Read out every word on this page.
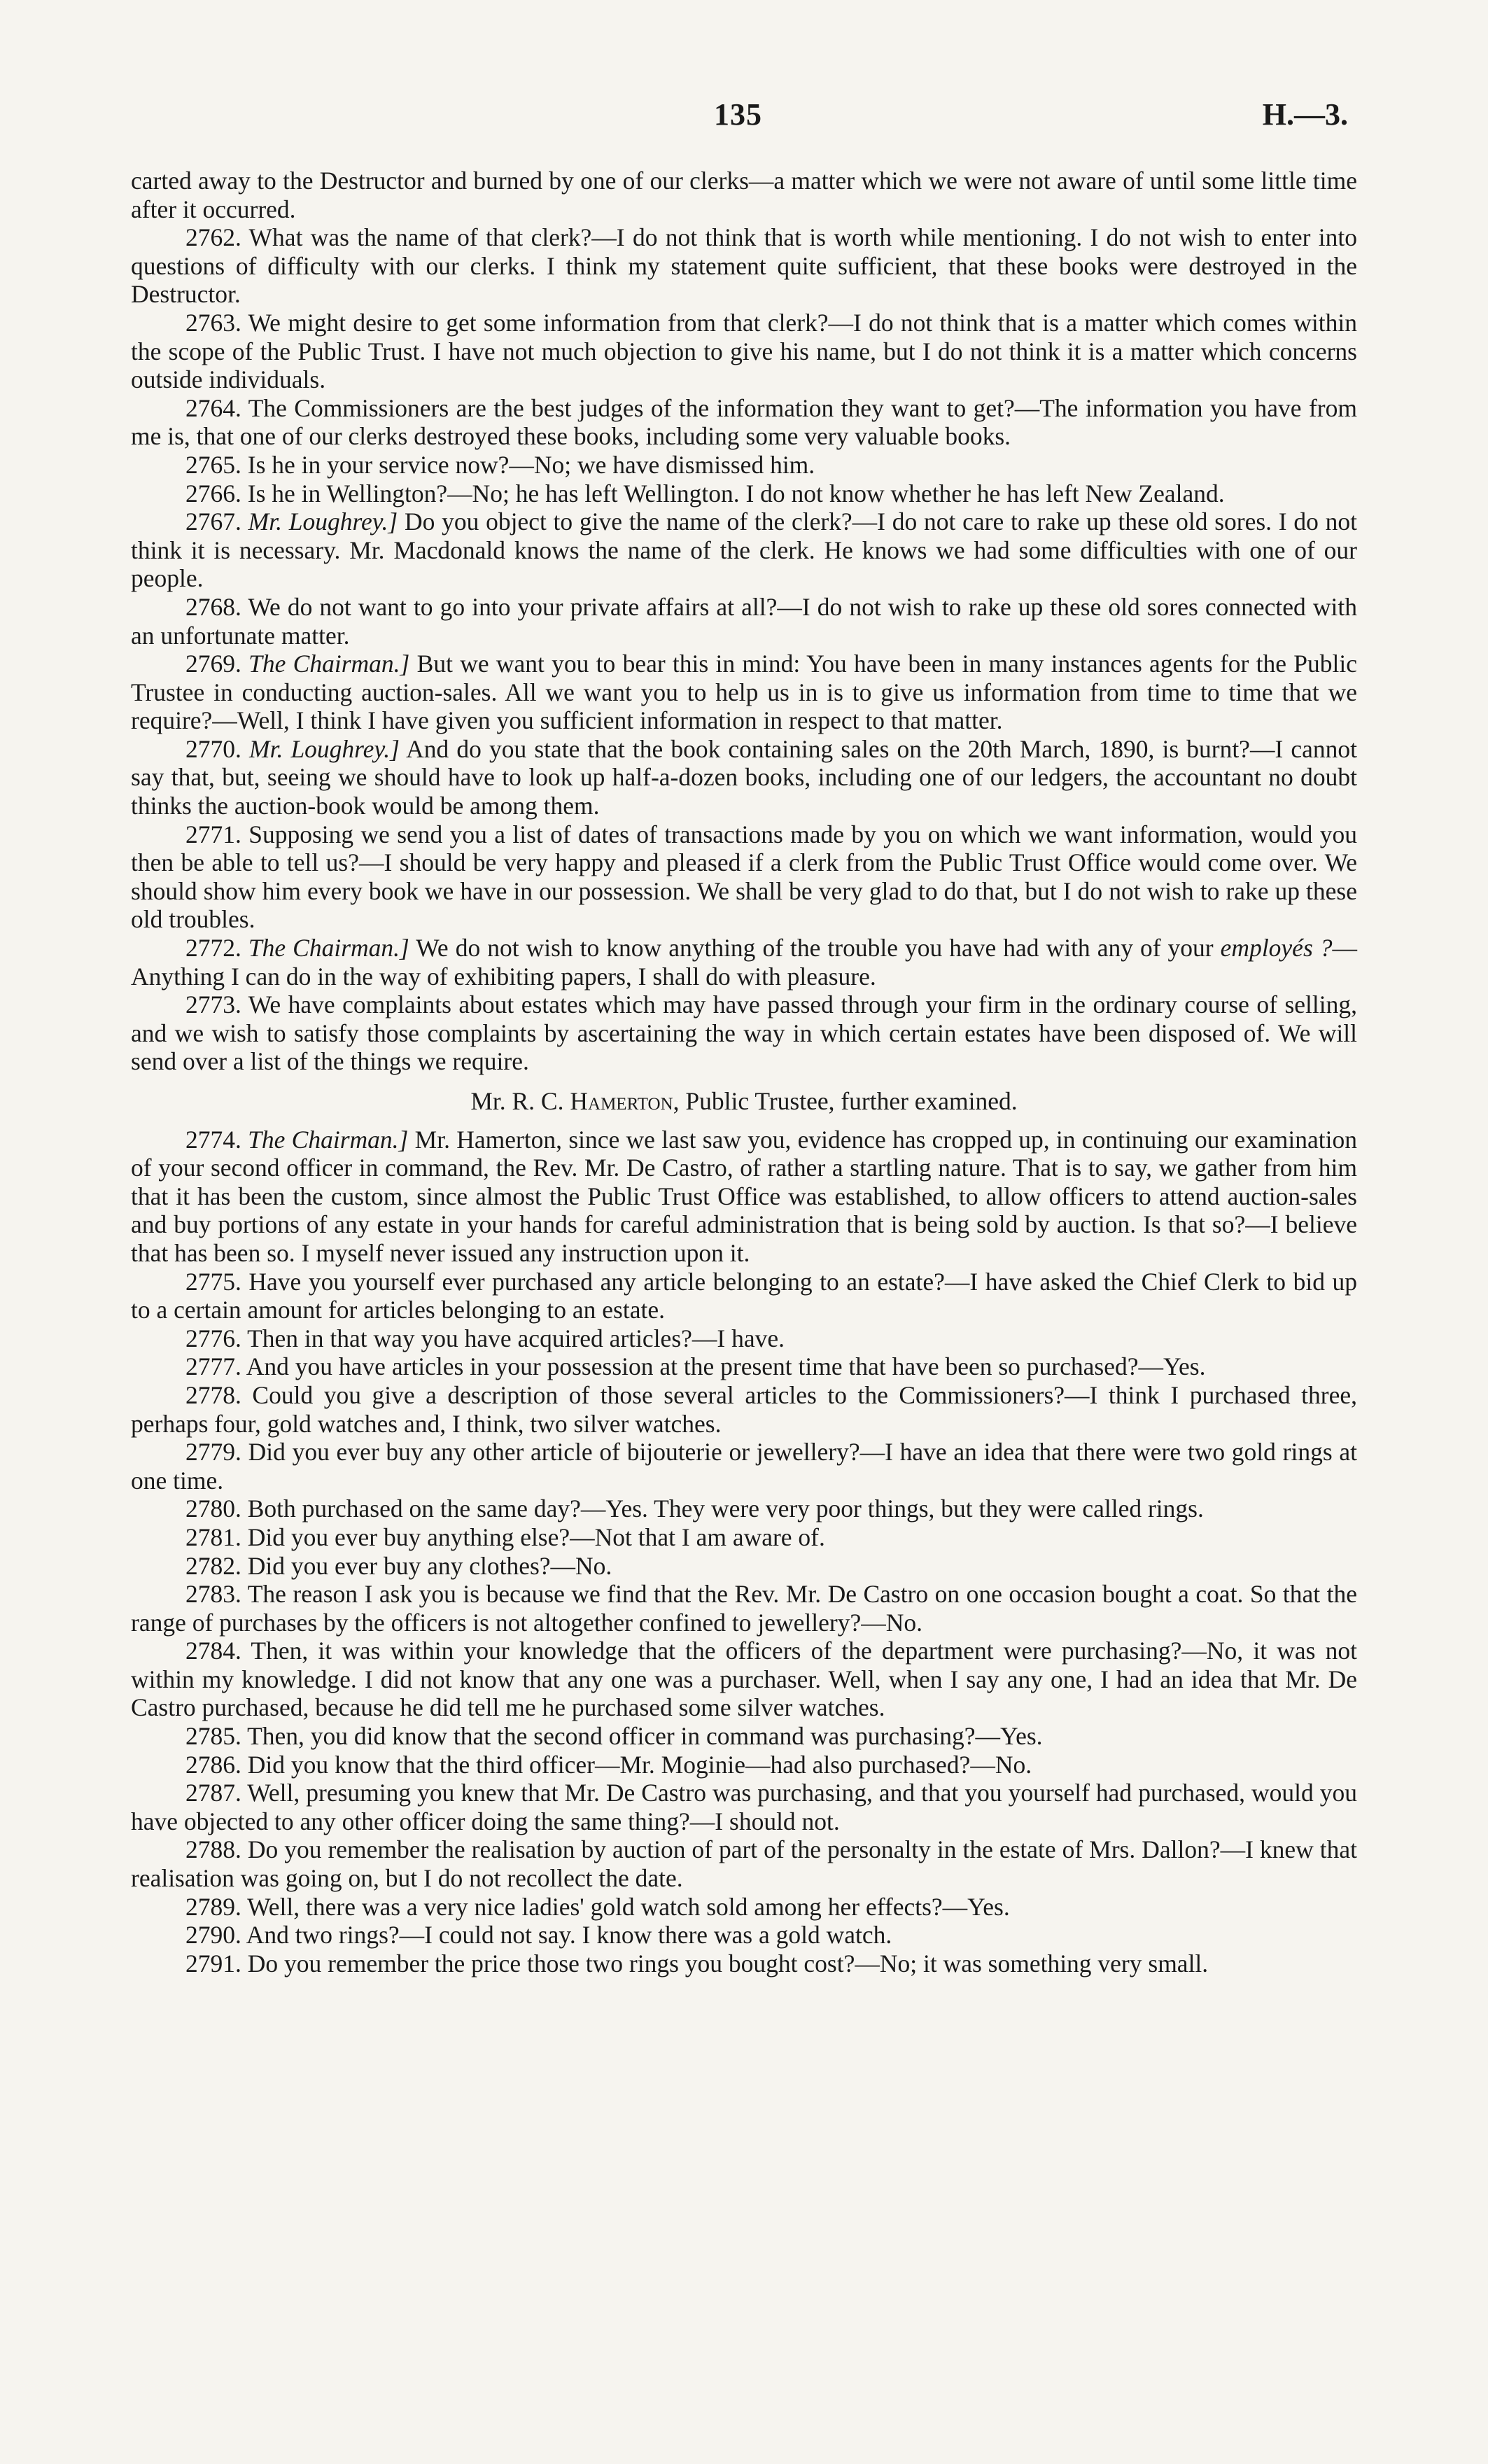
135	H.—3.

carted away to the Destructor and burned by one of our clerks—a matter which we were not aware of until some little time after it occurred.

2762. What was the name of that clerk?—I do not think that is worth while mentioning. I do not wish to enter into questions of difficulty with our clerks. I think my statement quite sufficient, that these books were destroyed in the Destructor.

2763. We might desire to get some information from that clerk?—I do not think that is a matter which comes within the scope of the Public Trust. I have not much objection to give his name, but I do not think it is a matter which concerns outside individuals.

2764. The Commissioners are the best judges of the information they want to get?—The information you have from me is, that one of our clerks destroyed these books, including some very valuable books.

2765. Is he in your service now?—No; we have dismissed him.

2766. Is he in Wellington?—No; he has left Wellington. I do not know whether he has left New Zealand.

2767. Mr. Loughrey.] Do you object to give the name of the clerk?—I do not care to rake up these old sores. I do not think it is necessary. Mr. Macdonald knows the name of the clerk. He knows we had some difficulties with one of our people.

2768. We do not want to go into your private affairs at all?—I do not wish to rake up these old sores connected with an unfortunate matter.

2769. The Chairman.] But we want you to bear this in mind: You have been in many instances agents for the Public Trustee in conducting auction-sales. All we want you to help us in is to give us information from time to time that we require?—Well, I think I have given you sufficient information in respect to that matter.

2770. Mr. Loughrey.] And do you state that the book containing sales on the 20th March, 1890, is burnt?—I cannot say that, but, seeing we should have to look up half-a-dozen books, including one of our ledgers, the accountant no doubt thinks the auction-book would be among them.

2771. Supposing we send you a list of dates of transactions made by you on which we want information, would you then be able to tell us?—I should be very happy and pleased if a clerk from the Public Trust Office would come over. We should show him every book we have in our possession. We shall be very glad to do that, but I do not wish to rake up these old troubles.

2772. The Chairman.] We do not wish to know anything of the trouble you have had with any of your employés ?—Anything I can do in the way of exhibiting papers, I shall do with pleasure.

2773. We have complaints about estates which may have passed through your firm in the ordinary course of selling, and we wish to satisfy those complaints by ascertaining the way in which certain estates have been disposed of. We will send over a list of the things we require.

Mr. R. C. Hamerton, Public Trustee, further examined.

2774. The Chairman.] Mr. Hamerton, since we last saw you, evidence has cropped up, in continuing our examination of your second officer in command, the Rev. Mr. De Castro, of rather a startling nature. That is to say, we gather from him that it has been the custom, since almost the Public Trust Office was established, to allow officers to attend auction-sales and buy portions of any estate in your hands for careful administration that is being sold by auction. Is that so?—I believe that has been so. I myself never issued any instruction upon it.

2775. Have you yourself ever purchased any article belonging to an estate?—I have asked the Chief Clerk to bid up to a certain amount for articles belonging to an estate.

2776. Then in that way you have acquired articles?—I have.

2777. And you have articles in your possession at the present time that have been so purchased?—Yes.

2778. Could you give a description of those several articles to the Commissioners?—I think I purchased three, perhaps four, gold watches and, I think, two silver watches.

2779. Did you ever buy any other article of bijouterie or jewellery?—I have an idea that there were two gold rings at one time.

2780. Both purchased on the same day?—Yes. They were very poor things, but they were called rings.

2781. Did you ever buy anything else?—Not that I am aware of.

2782. Did you ever buy any clothes?—No.

2783. The reason I ask you is because we find that the Rev. Mr. De Castro on one occasion bought a coat. So that the range of purchases by the officers is not altogether confined to jewellery?—No.

2784. Then, it was within your knowledge that the officers of the department were purchasing?—No, it was not within my knowledge. I did not know that any one was a purchaser. Well, when I say any one, I had an idea that Mr. De Castro purchased, because he did tell me he purchased some silver watches.

2785. Then, you did know that the second officer in command was purchasing?—Yes.

2786. Did you know that the third officer—Mr. Moginie—had also purchased?—No.

2787. Well, presuming you knew that Mr. De Castro was purchasing, and that you yourself had purchased, would you have objected to any other officer doing the same thing?—I should not.

2788. Do you remember the realisation by auction of part of the personalty in the estate of Mrs. Dallon?—I knew that realisation was going on, but I do not recollect the date.

2789. Well, there was a very nice ladies' gold watch sold among her effects?—Yes.

2790. And two rings?—I could not say. I know there was a gold watch.

2791. Do you remember the price those two rings you bought cost?—No; it was something very small.
